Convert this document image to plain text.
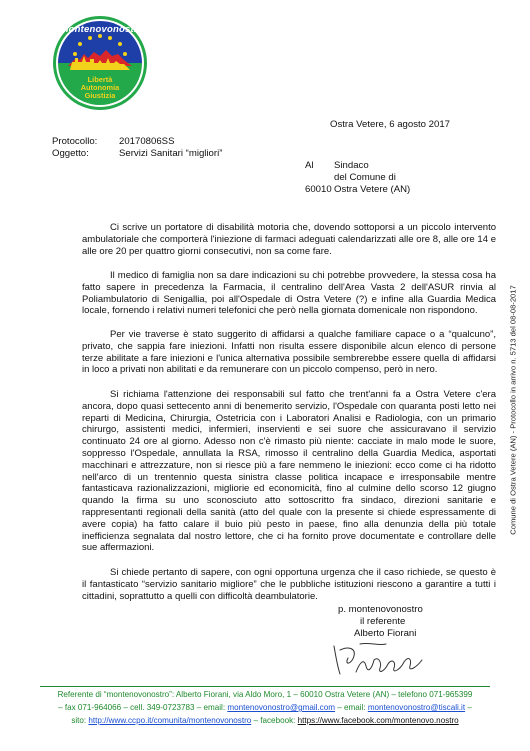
montenovonostro
Libertà
Autonomia
Giustizia
Ostra Vetere, 6 agosto 2017
Protocollo: 20170806SS
Oggetto:	Servizi Sanitari “migliori”
Al Sindaco
del Comune di
60010 Ostra Vetere (AN)

Ci scrive un portatore di disabilità motoria che, dovendo sottoporsi a un piccolo intervento ambulatoriale che comporterà l'iniezione di farmaci adeguati calendarizzati alle ore 8, alle ore 14 e alle ore 20 per quattro giorni consecutivi, non sa come fare.

Il medico di famiglia non sa dare indicazioni su chi potrebbe provvedere, la stessa cosa ha fatto sapere in precedenza la Farmacia, il centralino dell'Area Vasta 2 dell'ASUR rinvia al Poliambulatorio di Senigallia, poi all'Ospedale di Ostra Vetere (?) e infine alla Guardia Medica locale, fornendo i relativi numeri telefonici che però nella giornata domenicale non rispondono.

Per vie traverse è stato suggerito di affidarsi a qualche familiare capace o a “qualcuno”, privato, che sappia fare iniezioni. Infatti non risulta essere disponibile alcun elenco di persone terze abilitate a fare iniezioni e l'unica alternativa possibile sembrerebbe essere quella di affidarsi in loco a privati non abilitati e da remunerare con un piccolo compenso, però in nero.

Si richiama l'attenzione dei responsabili sul fatto che trent'anni fa a Ostra Vetere c'era ancora, dopo quasi settecento anni di benemerito servizio, l'Ospedale con quaranta posti letto nei reparti di Medicina, Chirurgia, Ostetricia con i Laboratori Analisi e Radiologia, con un primario chirurgo, assistenti medici, infermieri, inservienti e sei suore che assicuravano il servizio continuato 24 ore al giorno. Adesso non c'è rimasto più niente: cacciate in malo mode le suore, soppresso l'Ospedale, annullata la RSA, rimosso il centralino della Guardia Medica, asportati macchinari e attrezzature, non si riesce più a fare nemmeno le iniezioni: ecco come ci ha ridotto nell'arco di un trentennio questa sinistra classe politica incapace e irresponsabile mentre fantasticava razionalizzazioni, migliorie ed economicità, fino al culmine dello scorso 12 giugno quando la firma su uno sconosciuto atto sottoscritto fra sindaco, direzioni sanitarie e rappresentanti regionali della sanità (atto del quale con la presente si chiede espressamente di avere copia) ha fatto calare il buio più pesto in paese, fino alla denunzia della più totale inefficienza segnalata dal nostro lettore, che ci ha fornito prove documentate e controllare delle sue affermazioni.

Si chiede pertanto di sapere, con ogni opportuna urgenza che il caso richiede, se questo è il fantasticato “servizio sanitario migliore” che le pubbliche istituzioni riescono a garantire a tutti i cittadini, soprattutto a quelli con difficoltà deambulatorie.

p. montenovonostro
il referente
Alberto Fiorani
Comune di Ostra Vetere (AN) - Protocollo in arrivo n. 5713 del 08-08-2017
Referente di “montenovonostro”: Alberto Fiorani, via Aldo Moro, 1 – 60010 Ostra Vetere (AN) – telefono 071-965399
– fax 071-964066 – cell. 349-0723783 – email: montenovonostro@gmail.com – email: montenovonostro@tiscali.it –
sito: http://www.ccpo.it/comunita/montenovonostro – facebook: https://www.facebook.com/montenovo.nostro
